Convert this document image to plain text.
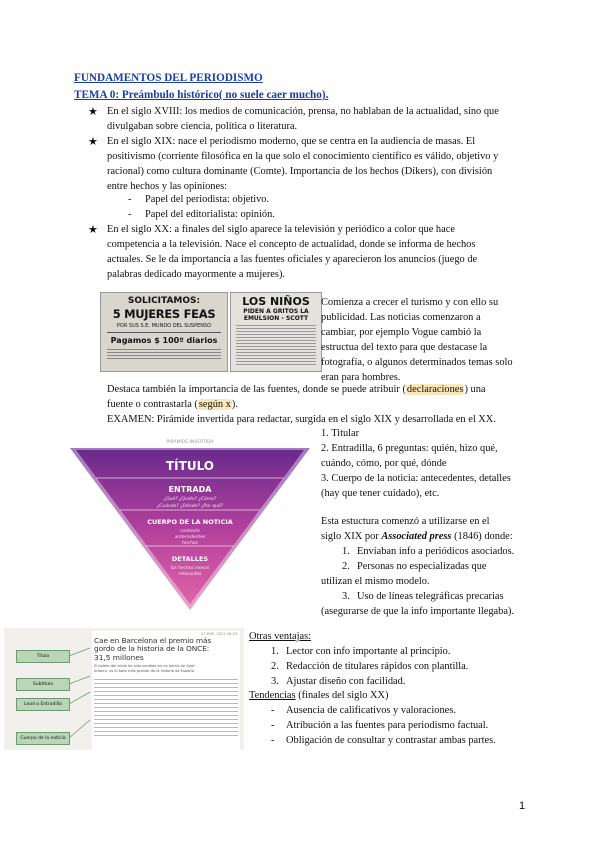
FUNDAMENTOS DEL PERIODISMO
TEMA 0: Preámbulo histórico( no suele caer mucho).
★ En el siglo XVIII: los medios de comunicación, prensa, no hablaban de la actualidad, sino que
divulgaban sobre ciencia, política o literatura.
★ En el siglo XIX: nace el periodismo moderno, que se centra en la audiencia de masas. El
positivismo (corriente filosófica en la que solo el conocimiento científico es válido, objetivo y
racional) como cultura dominante (Comte). Importancia de los hechos (Dikers), con división
entre hechos y las opiniones:
- Papel del periodista: objetivo.
- Papel del editorialista: opinión.
★ En el siglo XX: a finales del siglo aparece la televisión y periódico a color que hace
competencia a la televisión. Nace el concepto de actualidad, donde se informa de hechos
actuales. Se le da importancia a las fuentes oficiales y aparecieron los anuncios (juego de
palabras dedicado mayormente a mujeres).
SOLICITAMOS:
5 MUJERES FEAS
POR SUS S.E. MUNDO DEL SUSPENSO
Pagamos $ 100º diarios
LOS NIÑOS
PIDEN A GRITOS LA
EMULSION - SCOTT
Comienza a crecer el turismo y con ello su
publicidad. Las noticias comenzaron a
cambiar, por ejemplo Vogue cambió la
estructua del texto para que destacase la
fotografía, o algunos determinados temas solo
eran para hombres.
Destaca también la importancia de las fuentes, donde se puede atribuir (declaraciones) una
fuente o contrastarla (según x).
EXAMEN: Pirámide invertida para redactar, surgida en el siglo XIX y desarrollada en el XX.
PIRÁMIDE INVERTIDA
TÍTULO
ENTRADA
¿Qué? ¿Quién? ¿Cómo?
¿Cuándo? ¿Dónde? ¿Por qué?
CUERPO DE LA NOTICIA
contexto
antecedentes
hechos
DETALLES
los hechos menos
relevantes
1. Titular
2. Entradilla, 6 preguntas: quién, hizo qué,
cuándo, cómo, por qué, dónde
3. Cuerpo de la noticia: antecedentes, detalles
(hay que tener cuidado), etc.
Esta estuctura comenzó a utilizarse en el
siglo XIX por Associated press (1846) donde:
1. Enviaban info a periódicos asociados.
2. Personas no especializadas que
utilizan el mismo modelo.
3. Uso de líneas telegráficas precarias
(asegurarse de que la info importante llegaba).
Título
Subtítulo
Lead o Entradilla
Cuerpo de la noticia
27 ENE. 2021 09:29
Cae en Barcelona el premio más
gordo de la historia de la ONCE:
31,5 millones
El boleto del triple ha sido vendido en un barrio de Sant
Andreu, es el bote más grande de la historia de España
Otras ventajas:
1. Lector con info importante al principio.
2. Redacción de titulares rápidos con plantilla.
3. Ajustar diseño con facilidad.
Tendencias (finales del siglo XX)
- Ausencia de calificativos y valoraciones.
- Atribución a las fuentes para periodismo factual.
- Obligación de consultar y contrastar ambas partes.
1
